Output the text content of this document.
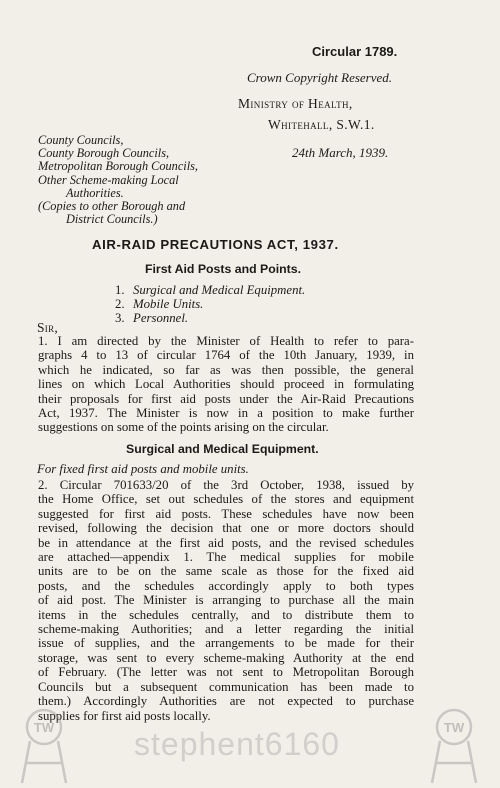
Circular 1789.
Crown Copyright Reserved.
Ministry of Health,
Whitehall, S.W.1.
24th March, 1939.
County Councils,
County Borough Councils,
Metropolitan Borough Councils,
Other Scheme-making Local
Authorities.
(Copies to other Borough and
District Councils.)
AIR-RAID PRECAUTIONS ACT, 1937.
First Aid Posts and Points.
1. Surgical and Medical Equipment.
2. Mobile Units.
3. Personnel.
Sir,
1. I am directed by the Minister of Health to refer to para-
graphs 4 to 13 of circular 1764 of the 10th January, 1939, in
which he indicated, so far as was then possible, the general
lines on which Local Authorities should proceed in formulating
their proposals for first aid posts under the Air-Raid Precautions
Act, 1937. The Minister is now in a position to make further
suggestions on some of the points arising on the circular.
Surgical and Medical Equipment.
For fixed first aid posts and mobile units.
2. Circular 701633/20 of the 3rd October, 1938, issued by
the Home Office, set out schedules of the stores and equipment
suggested for first aid posts. These schedules have now been
revised, following the decision that one or more doctors should
be in attendance at the first aid posts, and the revised schedules
are attached—appendix 1. The medical supplies for mobile
units are to be on the same scale as those for the fixed aid
posts, and the schedules accordingly apply to both types
of aid post. The Minister is arranging to purchase all the main
items in the schedules centrally, and to distribute them to
scheme-making Authorities; and a letter regarding the initial
issue of supplies, and the arrangements to be made for their
storage, was sent to every scheme-making Authority at the end
of February. (The letter was not sent to Metropolitan Borough
Councils but a subsequent communication has been made to
them.) Accordingly Authorities are not expected to purchase
supplies for first aid posts locally.
TW	TW
stephent6160
